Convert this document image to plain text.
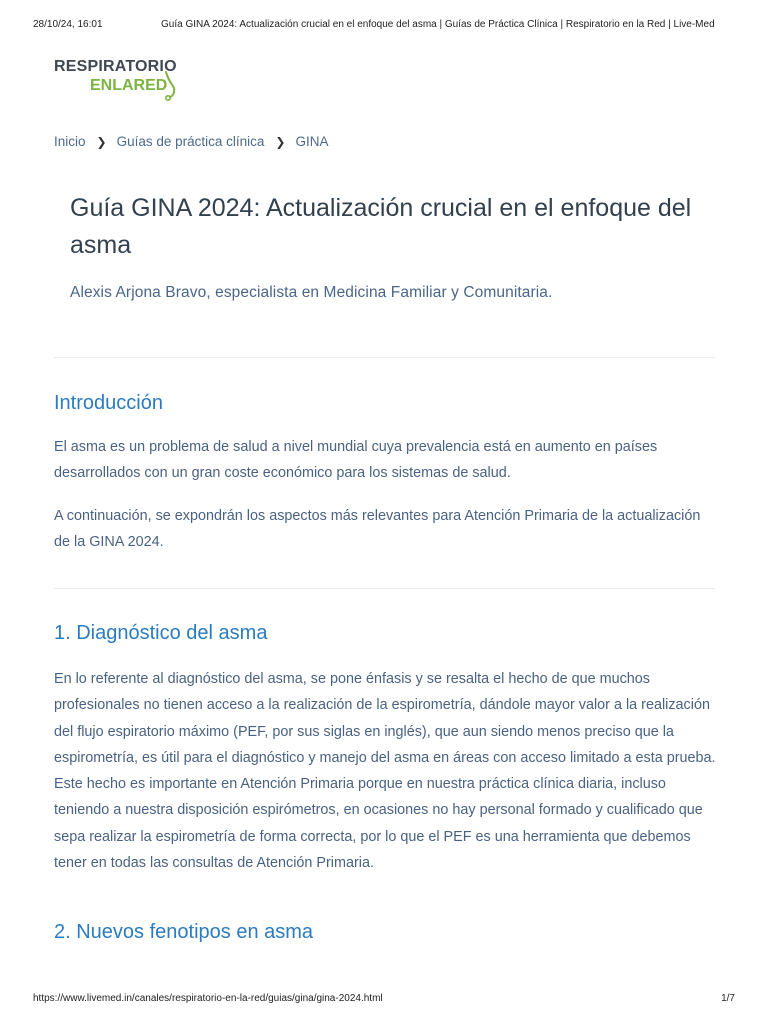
28/10/24, 16:01	Guía GINA 2024: Actualización crucial en el enfoque del asma | Guías de Práctica Clínica | Respiratorio en la Red | Live-Med
RESPIRATORIO
ENLARED
Inicio ❯ Guías de práctica clínica ❯ GINA
Guía GINA 2024: Actualización crucial en el enfoque del asma
Alexis Arjona Bravo, especialista en Medicina Familiar y Comunitaria.
Introducción

El asma es un problema de salud a nivel mundial cuya prevalencia está en aumento en países desarrollados con un gran coste económico para los sistemas de salud.

A continuación, se expondrán los aspectos más relevantes para Atención Primaria de la actualización de la GINA 2024.

1. Diagnóstico del asma

En lo referente al diagnóstico del asma, se pone énfasis y se resalta el hecho de que muchos profesionales no tienen acceso a la realización de la espirometría, dándole mayor valor a la realización del flujo espiratorio máximo (PEF, por sus siglas en inglés), que aun siendo menos preciso que la espirometría, es útil para el diagnóstico y manejo del asma en áreas con acceso limitado a esta prueba. Este hecho es importante en Atención Primaria porque en nuestra práctica clínica diaria, incluso teniendo a nuestra disposición espirómetros, en ocasiones no hay personal formado y cualificado que sepa realizar la espirometría de forma correcta, por lo que el PEF es una herramienta que debemos tener en todas las consultas de Atención Primaria.

2. Nuevos fenotipos en asma
https://www.livemed.in/canales/respiratorio-en-la-red/guias/gina/gina-2024.html	1/7
